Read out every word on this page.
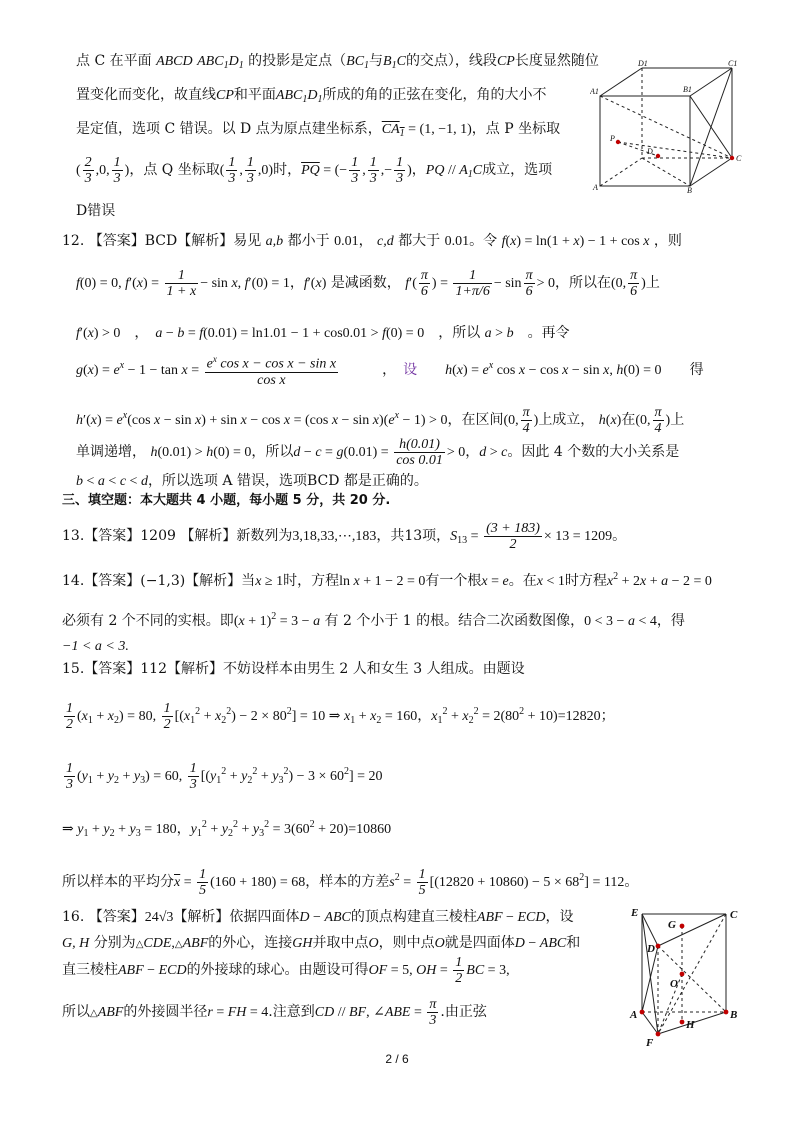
点 C 在平面 ABCD $ABC_1D_1$ 的投影是定点（$BC_1$与$B_1C$的交点），线段CP长度显然随位
置变化而变化，故直线CP和平面$ABC_1D_1$所成的角的正弦在变化，角的大小不
是定值，选项 C 错误。以 D 点为原点建坐标系，$CA_1 = (1$, −1, 1)，点 P 坐标取
( $\frac{2}{3} ,0$, $\frac{1}{3}$ )，点 Q 坐标取( $\frac{1}{3}$ , $\frac{1}{3} ,0$)时，$\overline{PQ}$ = (− $\frac{1}{3}$ , $\frac{1}{3}$ ,− $\frac{1}{3}$ )，PQ // $A_1C$成立，选项
D错误
D1	C1
A1	B1
P
D
C
A	B
12. 【答案】BCD【解析】易见 a,b 都小于 0.01， c,d 都大于 0.01。令 f(x) = ln(1 + x) − 1 + cos x ，则
f(0) = 0, $f'(x) = \frac{1}{1 + x} - \sin x$, f′(0) = 1，f′(x) 是减函数， $f'( \frac{\pi}{6}$ ) = $\frac{1}{1+\pi/6} - \sin \frac{\pi}{6} > 0$，所以在(0, $\frac{\pi}{6}$ )上
f′(x) > 0　，　a − b = f(0.01) = ln1.01 − 1 + cos0.01 > f(0) = 0　 ，所以 a > b　 。再令
$g(x) = e^x - 1 - \tan x = \frac{e^x \cos x - \cos x - \sin x}{\text{cos x}}$
　　　	，　 设　　 $h(x) = e^x$ cos x − cos x − sin x, h(0) = 0　　 得
$h'(x) = e^x(\cos$ x − sin x) + sin x − cos x = (cos $x - \sin x)(e^x - 1) > 0$，在区间(0, $\frac{\pi}{4}$ )上成立， h(x)在(0, $\frac{\pi}{4}$ )上
单调递增， h(0.01) > h(0) = 0，所以$d - c = g(0.01) = \frac{h(0.01)}{\cos 0.01} > 0$，d > c。因此 4 个数的大小关系是
b < a < c < d，所以选项 A 错误，选项BCD 都是正确的。
三、填空题：本大题共 4 小题，每小题 5 分，共 20 分.
13.【答案】1209 【解析】新数列为3,18,33,⋯,183，共13项，$S_{13} = \frac{(3 + 183)}{2} \times 13 = 1209$。
14.【答案】(−1,3)【解析】当x ≥ 1时，方程ln x + 1 − 2 = 0有一个根x = e。在x < 1时方程$x^2 + 2x + a - 2 = 0$
必须有 2 个不同的实根。即$(x + 1)^2 = 3 - a$ 有 2 个小于 1 的根。结合二次函数图像，0 < 3 − a < 4，得
−1 < a < 3.
15.【答案】112【解析】不妨设样本由男生 2 人和女生 3 人组成。由题设
$\frac{1}{2} (x_1 + x_2) = 80$, $\frac{1}{2} [(x_1^2 + x_2^2) - 2 \times 80^2] = 10$ ⇒ $x_1 + x_2 = 160$，$x_1^2 + x_2^2 = 2(80^2 + 10)=12820$；
$\frac{1}{3} (y_1 + y_2 + y_3) = 60$, $\frac{1}{3} [(y_1^2 + y_2^2 + y_3^2) - 3 \times 60^2] = 20$
⇒ $y_1 + y_2 + y_3 = 180$，$y_1^2 + y_2^2 + y_3^2 = 3(60^2 + 20)=10860$
所以样本的平均分$\overline{x} = \frac{1}{5} (160 + 180) = 68$，样本的方差$s^2 = \frac{1}{5} [(12820 + 10860) - 5 \times 68^2] = 112$。
16. 【答案】24√3【解析】依据四面体D − ABC的顶点构建直三棱柱ABF − ECD，设
G, H 分别为△CDE,△ABF的外心，连接GH并取中点O，则中点O就是四面体D − ABC和
直三棱柱ABF − ECD的外接球的球心。由题设可得OF = 5, OH = $\frac{1}{2}$ BC = 3,
所以△ABF的外接圆半径r = FH = 4.注意到CD // BF, ∠ABE = $\frac{\pi}{3}$ .由正弦
E
G
C
D
O
A
H
B
F
2 / 6
